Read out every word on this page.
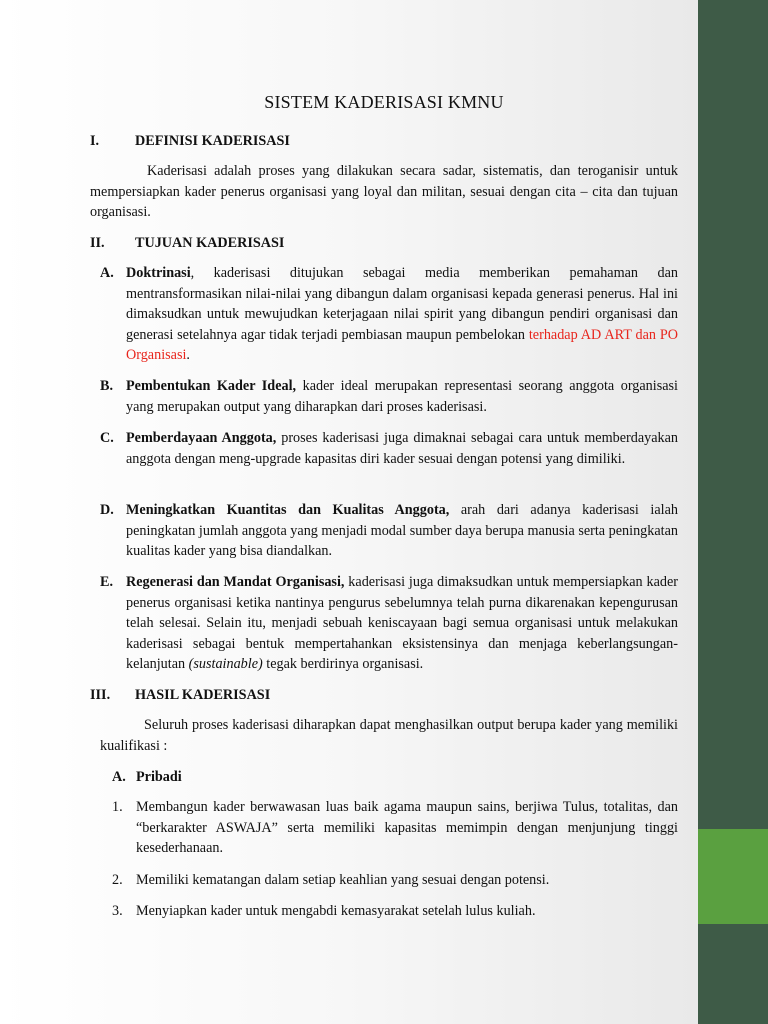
SISTEM KADERISASI KMNU
I.	DEFINISI KADERISASI
Kaderisasi adalah proses yang dilakukan secara sadar, sistematis, dan teroganisir untuk mempersiapkan kader penerus organisasi yang loyal dan militan, sesuai dengan cita – cita dan tujuan organisasi.
II.	TUJUAN KADERISASI
A. Doktrinasi, kaderisasi ditujukan sebagai media memberikan pemahaman dan mentransformasikan nilai-nilai yang dibangun dalam organisasi kepada generasi penerus. Hal ini dimaksudkan untuk mewujudkan keterjagaan nilai spirit yang dibangun pendiri organisasi dan generasi setelahnya agar tidak terjadi pembiasan maupun pembelokan terhadap AD ART dan PO Organisasi.
B. Pembentukan Kader Ideal, kader ideal merupakan representasi seorang anggota organisasi yang merupakan output yang diharapkan dari proses kaderisasi.
C. Pemberdayaan Anggota, proses kaderisasi juga dimaknai sebagai cara untuk memberdayakan anggota dengan meng-upgrade kapasitas diri kader sesuai dengan potensi yang dimiliki.
D. Meningkatkan Kuantitas dan Kualitas Anggota, arah dari adanya kaderisasi ialah peningkatan jumlah anggota yang menjadi modal sumber daya berupa manusia serta peningkatan kualitas kader yang bisa diandalkan.
E. Regenerasi dan Mandat Organisasi, kaderisasi juga dimaksudkan untuk mempersiapkan kader penerus organisasi ketika nantinya pengurus sebelumnya telah purna dikarenakan kepengurusan telah selesai. Selain itu, menjadi sebuah keniscayaan bagi semua organisasi untuk melakukan kaderisasi sebagai bentuk mempertahankan eksistensinya dan menjaga keberlangsungan-kelanjutan (sustainable) tegak berdirinya organisasi.
III.	HASIL KADERISASI
Seluruh proses kaderisasi diharapkan dapat menghasilkan output berupa kader yang memiliki kualifikasi :
A. Pribadi
1. Membangun kader berwawasan luas baik agama maupun sains, berjiwa Tulus, totalitas, dan “berkarakter ASWAJA” serta memiliki kapasitas memimpin dengan menjunjung tinggi kesederhanaan.
2. Memiliki kematangan dalam setiap keahlian yang sesuai dengan potensi.
3. Menyiapkan kader untuk mengabdi kemasyarakat setelah lulus kuliah.
